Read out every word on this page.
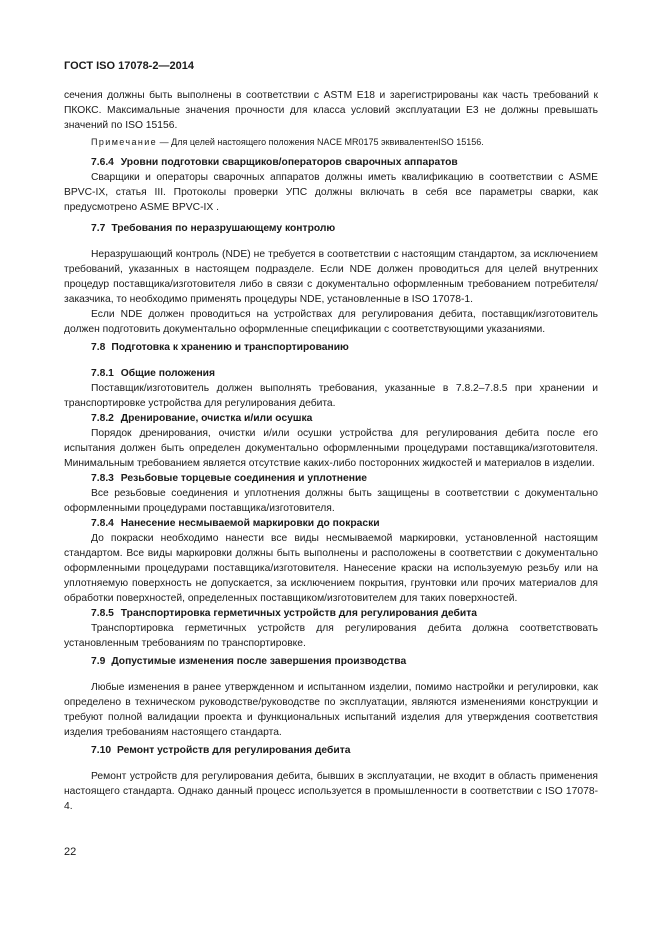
ГОСТ ISO 17078-2—2014

сечения должны быть выполнены в соответствии с ASTM E18 и зарегистрированы как часть требований к ПКОКС. Максимальные значения прочности для класса условий эксплуатации Е3 не должны превышать значений по ISO 15156.

Примечание — Для целей настоящего положения NACE MR0175 эквивалентенISO 15156.

7.6.4 Уровни подготовки сварщиков/операторов сварочных аппаратов

Сварщики и операторы сварочных аппаратов должны иметь квалификацию в соответствии с ASME BPVC-IX, статья III. Протоколы проверки УПС должны включать в себя все параметры сварки, как предусмотрено ASME BPVC-IX .

7.7 Требования по неразрушающему контролю

Неразрушающий контроль (NDE) не требуется в соответствии с настоящим стандартом, за исключением требований, указанных в настоящем подразделе. Если NDE должен проводиться для целей внутренних процедур поставщика/изготовителя либо в связи с документально оформленным требованием потребителя/заказчика, то необходимо применять процедуры NDE, установленные в ISO 17078-1.

Если NDE должен проводиться на устройствах для регулирования дебита, поставщик/изготовитель должен подготовить документально оформленные спецификации с соответствующими указаниями.

7.8 Подготовка к хранению и транспортированию

7.8.1 Общие положения

Поставщик/изготовитель должен выполнять требования, указанные в 7.8.2–7.8.5 при хранении и транспортировке устройства для регулирования дебита.

7.8.2 Дренирование, очистка и/или осушка

Порядок дренирования, очистки и/или осушки устройства для регулирования дебита после его испытания должен быть определен документально оформленными процедурами поставщика/изготовителя. Минимальным требованием является отсутствие каких-либо посторонних жидкостей и материалов в изделии.

7.8.3 Резьбовые торцевые соединения и уплотнение

Все резьбовые соединения и уплотнения должны быть защищены в соответствии с документально оформленными процедурами поставщика/изготовителя.

7.8.4 Нанесение несмываемой маркировки до покраски

До покраски необходимо нанести все виды несмываемой маркировки, установленной настоящим стандартом. Все виды маркировки должны быть выполнены и расположены в соответствии с документально оформленными процедурами поставщика/изготовителя. Нанесение краски на используемую резьбу или на уплотняемую поверхность не допускается, за исключением покрытия, грунтовки или прочих материалов для обработки поверхностей, определенных поставщиком/изготовителем для таких поверхностей.

7.8.5 Транспортировка герметичных устройств для регулирования дебита

Транспортировка герметичных устройств для регулирования дебита должна соответствовать установленным требованиям по транспортировке.

7.9 Допустимые изменения после завершения производства

Любые изменения в ранее утвержденном и испытанном изделии, помимо настройки и регулировки, как определено в техническом руководстве/руководстве по эксплуатации, являются изменениями конструкции и требуют полной валидации проекта и функциональных испытаний изделия для утверждения соответствия изделия требованиям настоящего стандарта.

7.10 Ремонт устройств для регулирования дебита

Ремонт устройств для регулирования дебита, бывших в эксплуатации, не входит в область применения настоящего стандарта. Однако данный процесс используется в промышленности в соответствии с ISO 17078-4.

22
